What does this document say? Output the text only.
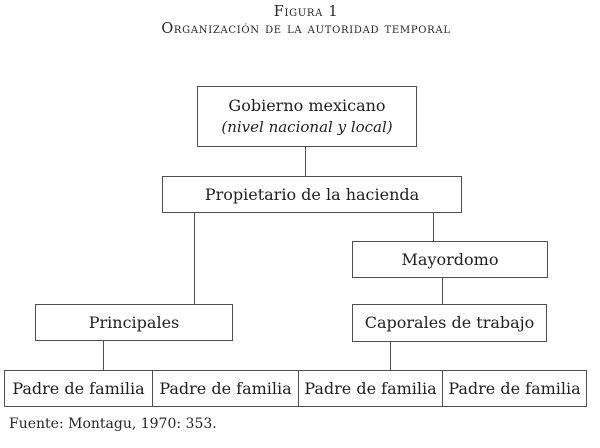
Figura 1
Organización de la autoridad temporal
Gobierno mexicano
(nivel nacional y local)
Propietario de la hacienda
Mayordomo
Principales	Caporales de trabajo
Padre de familia Padre de familia Padre de familia Padre de familia
Fuente: Montagu, 1970: 353.
